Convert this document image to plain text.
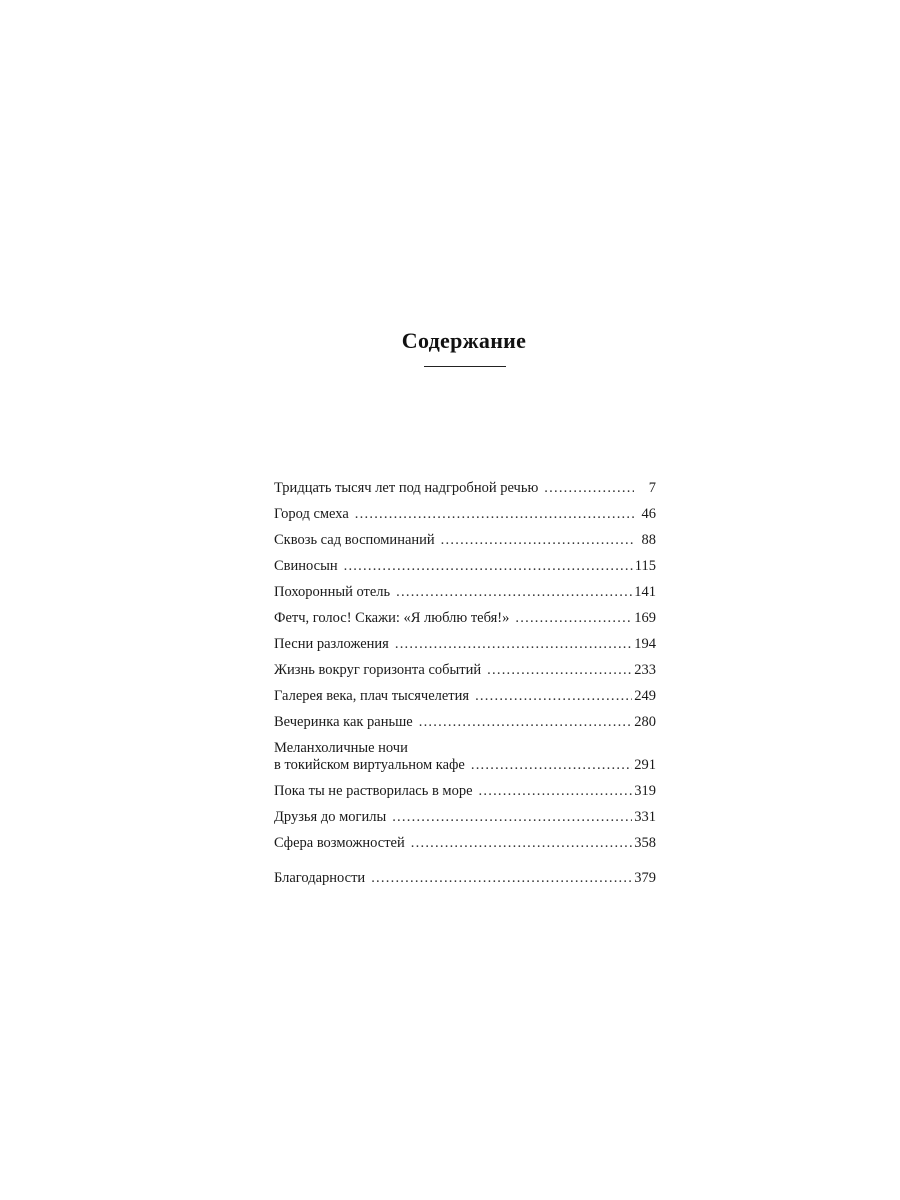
Содержание
Тридцать тысяч лет под надгробной речью . . .	7
Город смеха . . .	46
Сквозь сад воспоминаний . . .	88
Свиносын . . .	115
Похоронный отель . . .	141
Фетч, голос! Скажи: «Я люблю тебя!» . . .	169
Песни разложения . . .	194
Жизнь вокруг горизонта событий . . .	233
Галерея века, плач тысячелетия . . .	249
Вечеринка как раньше . . .	280
Меланхоличные ночи
в токийском виртуальном кафе . . .	291
Пока ты не растворилась в море . . .	319
Друзья до могилы . . .	331
Сфера возможностей . . .	358
Благодарности . . .	379
